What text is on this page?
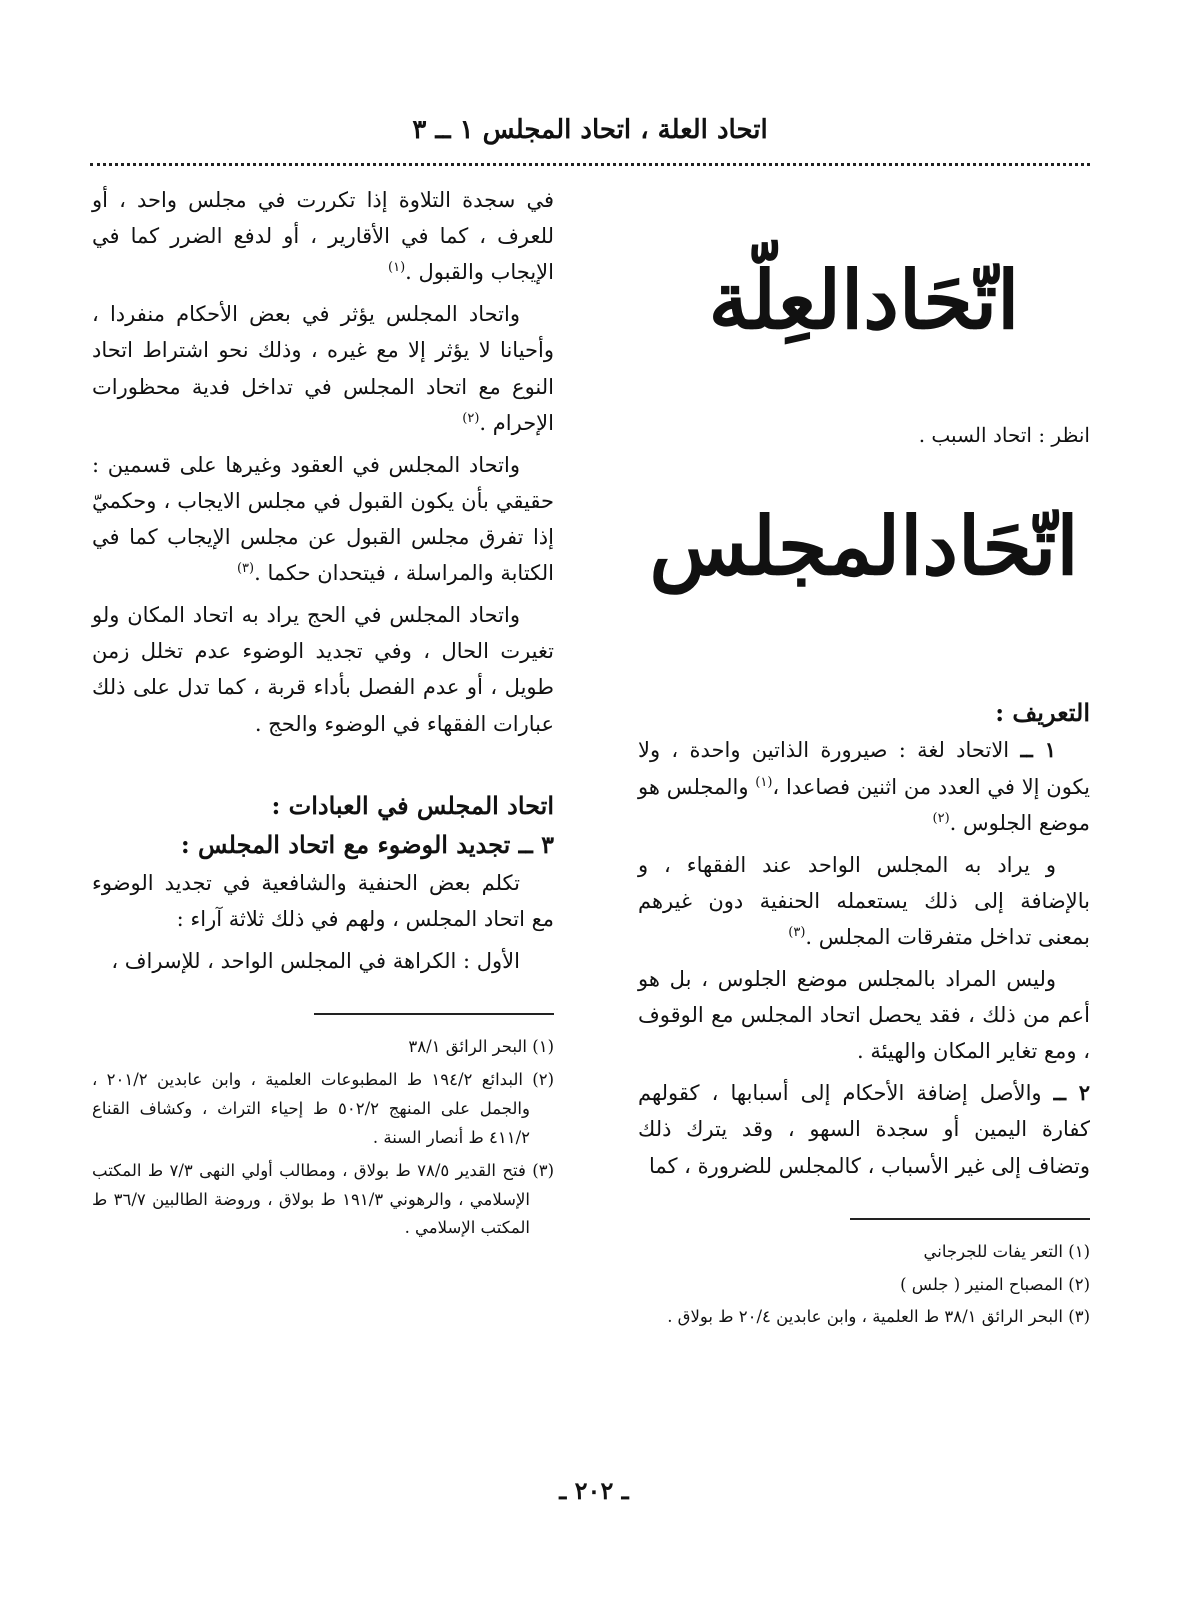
اتحاد العلة ، اتحاد المجلس ١ ــ ٣
اتّحَادالعِلّة

انظر : اتحاد السبب .

اتّحَادالمجلس
التعريف :

١ ــ الاتحاد لغة : صيرورة الذاتين واحدة ، ولا يكون إلا في العدد من اثنين فصاعدا ،$^{(١)}$ والمجلس هو موضع الجلوس .$^{(٢)}$

و يراد به المجلس الواحد عند الفقهاء ، و بالإضافة إلى ذلك يستعمله الحنفية دون غيرهم بمعنى تداخل متفرقات المجلس .$^{(٣)}$

وليس المراد بالمجلس موضع الجلوس ، بل هو أعم من ذلك ، فقد يحصل اتحاد المجلس مع الوقوف ، ومع تغاير المكان والهيئة .

٢ ــ والأصل إضافة الأحكام إلى أسبابها ، كقولهم كفارة اليمين أو سجدة السهو ، وقد يترك ذلك وتضاف إلى غير الأسباب ، كالمجلس للضرورة ، كما

(١) التعر يفات للجرجاني
(٢) المصباح المنير ( جلس )
(٣) البحر الرائق ٣٨/١ ط العلمية ، وابن عابدين ٢٠/٤ ط بولاق .

في سجدة التلاوة إذا تكررت في مجلس واحد ، أو للعرف ، كما في الأقارير ، أو لدفع الضرر كما في الإيجاب والقبول .$^{(١)}$

واتحاد المجلس يؤثر في بعض الأحكام منفردا ، وأحيانا لا يؤثر إلا مع غيره ، وذلك نحو اشتراط اتحاد النوع مع اتحاد المجلس في تداخل فدية محظورات الإحرام .$^{(٢)}$

واتحاد المجلس في العقود وغيرها على قسمين : حقيقي بأن يكون القبول في مجلس الايجاب ، وحكميّ إذا تفرق مجلس القبول عن مجلس الإيجاب كما في الكتابة والمراسلة ، فيتحدان حكما .$^{(٣)}$

واتحاد المجلس في الحج يراد به اتحاد المكان ولو تغيرت الحال ، وفي تجديد الوضوء عدم تخلل زمن طويل ، أو عدم الفصل بأداء قربة ، كما تدل على ذلك عبارات الفقهاء في الوضوء والحج .

اتحاد المجلس في العبادات :
٣ ــ تجديد الوضوء مع اتحاد المجلس :

تكلم بعض الحنفية والشافعية في تجديد الوضوء مع اتحاد المجلس ، ولهم في ذلك ثلاثة آراء :

الأول : الكراهة في المجلس الواحد ، للإسراف ،

(١) البحر الرائق ٣٨/١
(٢) البدائع ١٩٤/٢ ط المطبوعات العلمية ، وابن عابدين ٢٠١/٢ ، والجمل على المنهج ٥٠٢/٢ ط إحياء التراث ، وكشاف القناع ٤١١/٢ ط أنصار السنة .
(٣) فتح القدير ٧٨/٥ ط بولاق ، ومطالب أولي النهى ٧/٣ ط المكتب الإسلامي ، والرهوني ١٩١/٣ ط بولاق ، وروضة الطالبين ٣٦/٧ ط المكتب الإسلامي .
ـ ٢٠٢ ـ
